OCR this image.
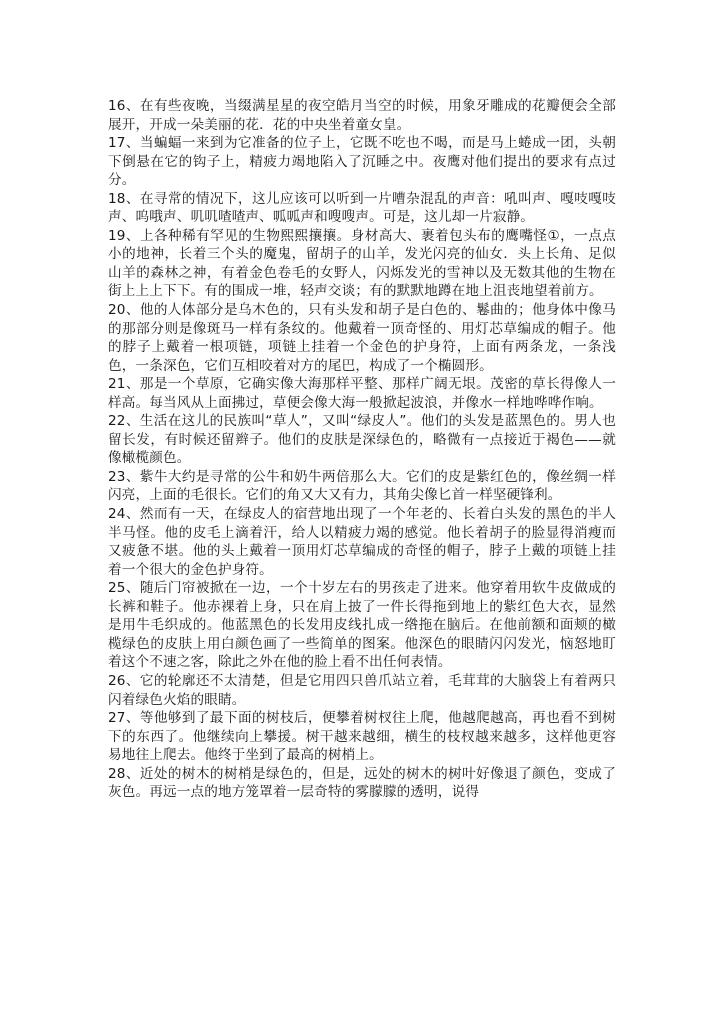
16、在有些夜晚，当缀满星星的夜空皓月当空的时候，用象牙雕成的花瓣便会全部展开，开成一朵美丽的花．花的中央坐着童女皇。

17、当蝙蝠一来到为它准备的位子上，它既不吃也不喝，而是马上蜷成一团，头朝下倒悬在它的钩子上，精疲力竭地陷入了沉睡之中。夜鹰对他们提出的要求有点过分。

18、在寻常的情况下，这儿应该可以听到一片嘈杂混乱的声音：吼叫声、嘎吱嘎吱声、呜哦声、叽叽喳喳声、呱呱声和嗖嗖声。可是，这儿却一片寂静。

19、上各种稀有罕见的生物熙熙攘攘。身材高大、裹着包头布的鹰嘴怪①，一点点小的地神，长着三个头的魔鬼，留胡子的山羊，发光闪亮的仙女．头上长角、足似山羊的森林之神，有着金色卷毛的女野人，闪烁发光的雪神以及无数其他的生物在街上上上下下。有的围成一堆，轻声交谈；有的默默地蹲在地上沮丧地望着前方。

20、他的人体部分是乌木色的，只有头发和胡子是白色的、鬈曲的；他身体中像马的那部分则是像斑马一样有条纹的。他戴着一顶奇怪的、用灯芯草编成的帽子。他的脖子上戴着一根项链，项链上挂着一个金色的护身符，上面有两条龙，一条浅色，一条深色，它们互相咬着对方的尾巴，构成了一个椭圆形。

21、那是一个草原，它确实像大海那样平整、那样广阔无垠。茂密的草长得像人一样高。每当风从上面拂过，草便会像大海一般掀起波浪，并像水一样地哗哗作响。

22、生活在这儿的民族叫“草人”，又叫“绿皮人”。他们的头发是蓝黑色的。男人也留长发，有时候还留辫子。他们的皮肤是深绿色的，略微有一点接近于褐色——就像橄榄颜色。

23、紫牛大约是寻常的公牛和奶牛两倍那么大。它们的皮是紫红色的，像丝绸一样闪亮，上面的毛很长。它们的角又大又有力，其角尖像匕首一样坚硬锋利。

24、然而有一天，在绿皮人的宿营地出现了一个年老的、长着白头发的黑色的半人半马怪。他的皮毛上滴着汗，给人以精疲力竭的感觉。他长着胡子的脸显得消瘦而又疲惫不堪。他的头上戴着一顶用灯芯草编成的奇怪的帽子，脖子上戴的项链上挂着一个很大的金色护身符。

25、随后门帘被掀在一边，一个十岁左右的男孩走了进来。他穿着用软牛皮做成的长裤和鞋子。他赤裸着上身，只在肩上披了一件长得拖到地上的紫红色大衣，显然是用牛毛织成的。他蓝黑色的长发用皮线扎成一绺拖在脑后。在他前额和面颊的橄榄绿色的皮肤上用白颜色画了一些简单的图案。他深色的眼睛闪闪发光，恼怒地盯着这个不速之客，除此之外在他的脸上看不出任何表情。

26、它的轮廓还不太清楚，但是它用四只兽爪站立着，毛茸茸的大脑袋上有着两只闪着绿色火焰的眼睛。

27、等他够到了最下面的树枝后，便攀着树杈往上爬，他越爬越高，再也看不到树下的东西了。他继续向上攀援。树干越来越细，横生的枝杈越来越多，这样他更容易地往上爬去。他终于坐到了最高的树梢上。

28、近处的树木的树梢是绿色的，但是，远处的树木的树叶好像退了颜色，变成了灰色。再远一点的地方笼罩着一层奇特的雾朦朦的透明，说得
